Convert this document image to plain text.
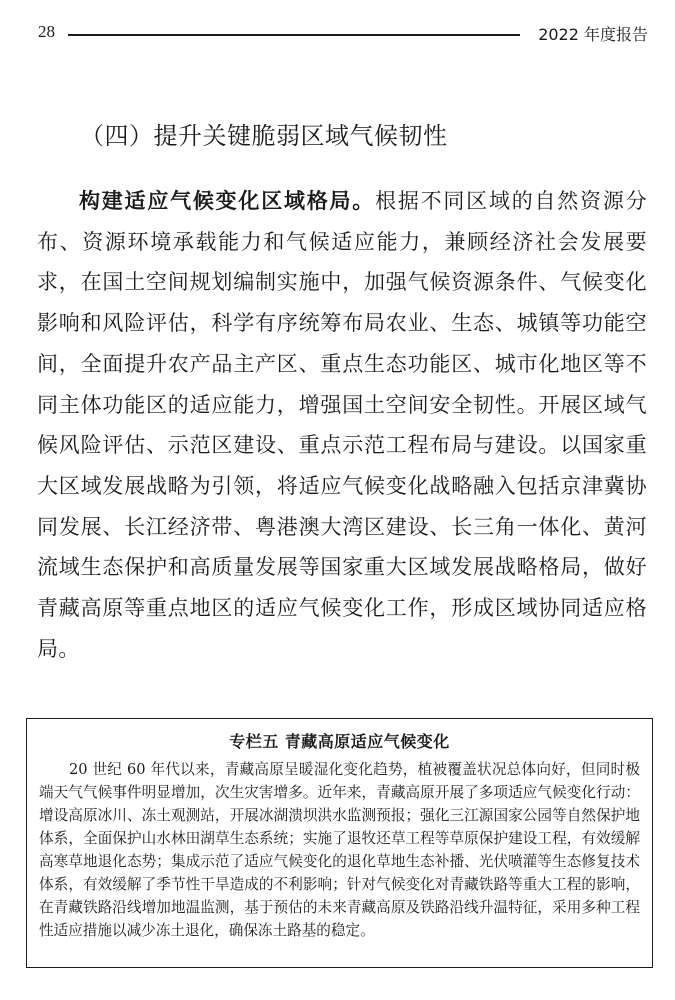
28	2022 年度报告
（四）提升关键脆弱区域气候韧性

构建适应气候变化区域格局。根据不同区域的自然资源分布、资源环境承载能力和气候适应能力，兼顾经济社会发展要求，在国土空间规划编制实施中，加强气候资源条件、气候变化影响和风险评估，科学有序统筹布局农业、生态、城镇等功能空间，全面提升农产品主产区、重点生态功能区、城市化地区等不同主体功能区的适应能力，增强国土空间安全韧性。开展区域气候风险评估、示范区建设、重点示范工程布局与建设。以国家重大区域发展战略为引领，将适应气候变化战略融入包括京津冀协同发展、长江经济带、粤港澳大湾区建设、长三角一体化、黄河流域生态保护和高质量发展等国家重大区域发展战略格局，做好青藏高原等重点地区的适应气候变化工作，形成区域协同适应格局。

专栏五 青藏高原适应气候变化
20 世纪 60 年代以来，青藏高原呈暖湿化变化趋势，植被覆盖状况总体向好，但同时极端天气气候事件明显增加，次生灾害增多。近年来，青藏高原开展了多项适应气候变化行动：增设高原冰川、冻土观测站，开展冰湖溃坝洪水监测预报；强化三江源国家公园等自然保护地体系，全面保护山水林田湖草生态系统；实施了退牧还草工程等草原保护建设工程，有效缓解高寒草地退化态势；集成示范了适应气候变化的退化草地生态补播、光伏喷灌等生态修复技术体系，有效缓解了季节性干旱造成的不利影响；针对气候变化对青藏铁路等重大工程的影响，在青藏铁路沿线增加地温监测，基于预估的未来青藏高原及铁路沿线升温特征，采用多种工程性适应措施以减少冻土退化，确保冻土路基的稳定。
